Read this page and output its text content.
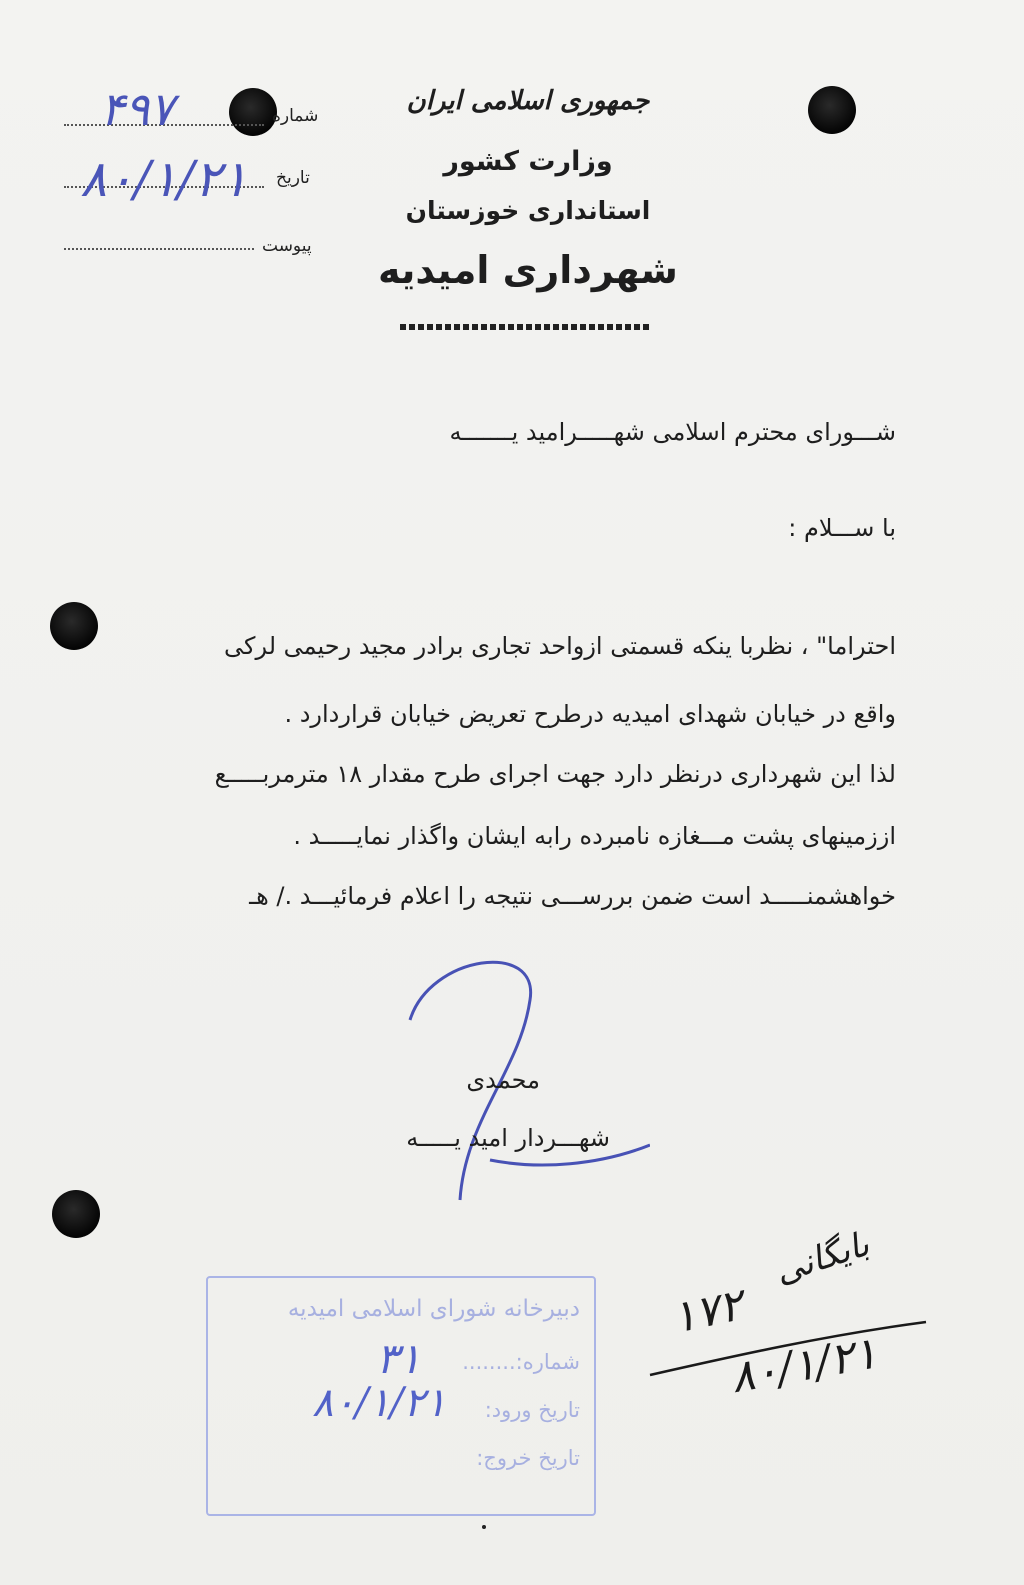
جمهوری اسلامی ایران
وزارت کشور
استانداری خوزستان
شهرداری امیدیه
شماره
۴۹۷
تاریخ
۸۰/۱/۲۱
پیوست
شـــورای محترم اسلامی شهـــــرامید یـــــــه
با ســـلام :
احتراما" ، نظربا ینکه قسمتی ازواحد تجاری برادر مجید رحیمی لرکی
واقع در خیابان شهدای امیدیه درطرح تعریض خیابان قراردارد .
لذا این شهرداری درنظر دارد جهت اجرای طرح مقدار ۱۸ مترمربـــــع
اززمینهای پشت مـــغازه نامبرده رابه ایشان واگذار نمایـــــد .
خواهشمنـــــد است ضمن بررســـی نتیجه را اعلام فرمائیـــد ./ هـ
محمدی
شهـــردار امید یـــــه
دبیرخانه شورای اسلامی امیدیه
شماره:........
تاریخ ورود:
تاریخ خروج:
۳۱
۸۰/۱/۲۱
بایگانی
۱۷۲
۸۰/۱/۲۱
